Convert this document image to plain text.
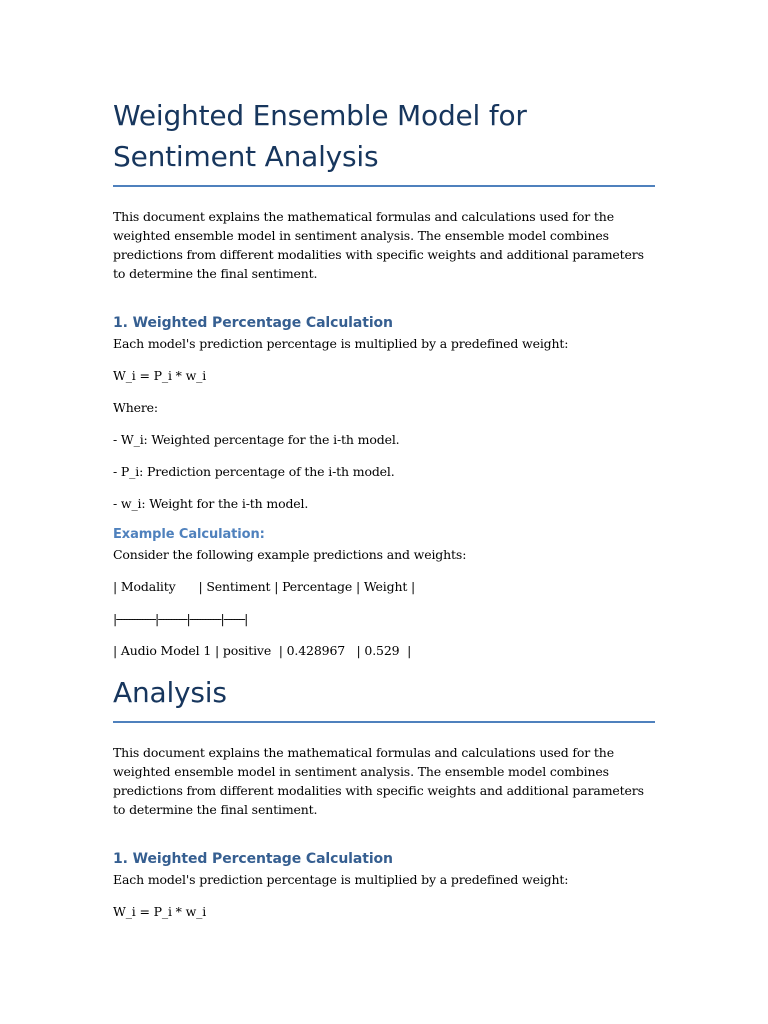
Weighted Ensemble Model for
Sentiment Analysis

This document explains the mathematical formulas and calculations used for the weighted ensemble model in sentiment analysis. The ensemble model combines predictions from different modalities with specific weights and additional parameters to determine the final sentiment.

1. Weighted Percentage Calculation

Each model's prediction percentage is multiplied by a predefined weight:

W_i = P_i * w_i

Where:

- W_i: Weighted percentage for the i-th model.

- P_i: Prediction percentage of the i-th model.

- w_i: Weight for the i-th model.

Example Calculation:

Consider the following example predictions and weights:

| Modality      | Sentiment | Percentage | Weight |

|---------------|-----------|------------|--------|

| Audio Model 1 | positive  | 0.428967   | 0.529  |

Analysis

This document explains the mathematical formulas and calculations used for the weighted ensemble model in sentiment analysis. The ensemble model combines predictions from different modalities with specific weights and additional parameters to determine the final sentiment.

1. Weighted Percentage Calculation

Each model's prediction percentage is multiplied by a predefined weight:

W_i = P_i * w_i
